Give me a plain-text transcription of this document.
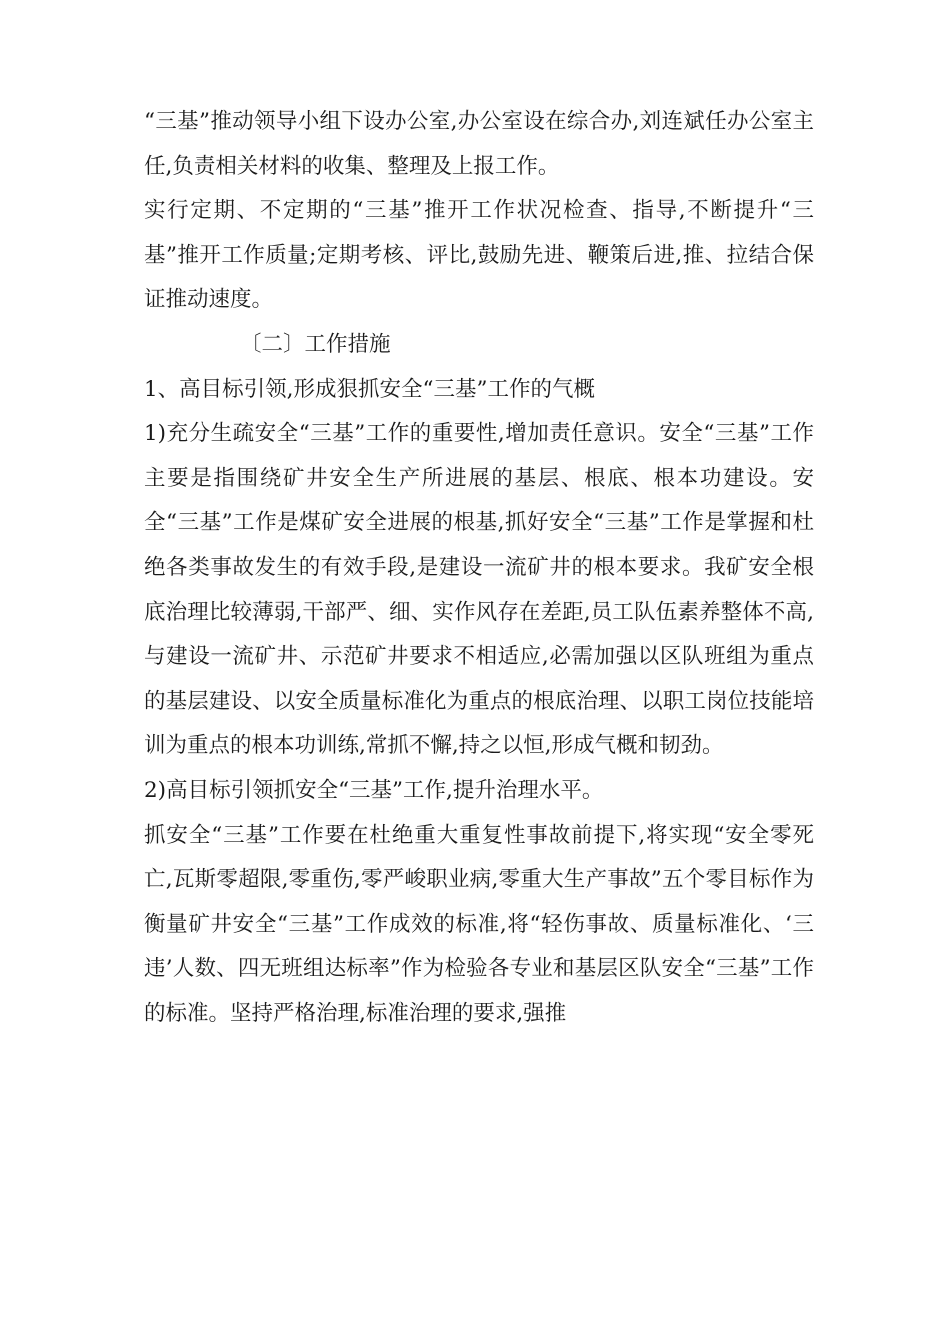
“三基”推动领导小组下设办公室,办公室设在综合办,刘连斌任办公室主任,负责相关材料的收集、整理及上报工作。

实行定期、不定期的“三基”推开工作状况检查、指导,不断提升“三基”推开工作质量;定期考核、评比,鼓励先进、鞭策后进,推、拉结合保证推动速度。

〔二〕工作措施

1、高目标引领,形成狠抓安全“三基”工作的气概

1)充分生疏安全“三基”工作的重要性,增加责任意识。安全“三基”工作主要是指围绕矿井安全生产所进展的基层、根底、根本功建设。安全“三基”工作是煤矿安全进展的根基,抓好安全“三基”工作是掌握和杜绝各类事故发生的有效手段,是建设一流矿井的根本要求。我矿安全根底治理比较薄弱,干部严、细、实作风存在差距,员工队伍素养整体不高,与建设一流矿井、示范矿井要求不相适应,必需加强以区队班组为重点的基层建设、以安全质量标准化为重点的根底治理、以职工岗位技能培训为重点的根本功训练,常抓不懈,持之以恒,形成气概和韧劲。

2)高目标引领抓安全“三基”工作,提升治理水平。

抓安全“三基”工作要在杜绝重大重复性事故前提下,将实现“安全零死亡,瓦斯零超限,零重伤,零严峻职业病,零重大生产事故”五个零目标作为衡量矿井安全“三基”工作成效的标准,将“轻伤事故、质量标准化、‘三违’人数、四无班组达标率”作为检验各专业和基层区队安全“三基”工作的标准。坚持严格治理,标准治理的要求,强推
